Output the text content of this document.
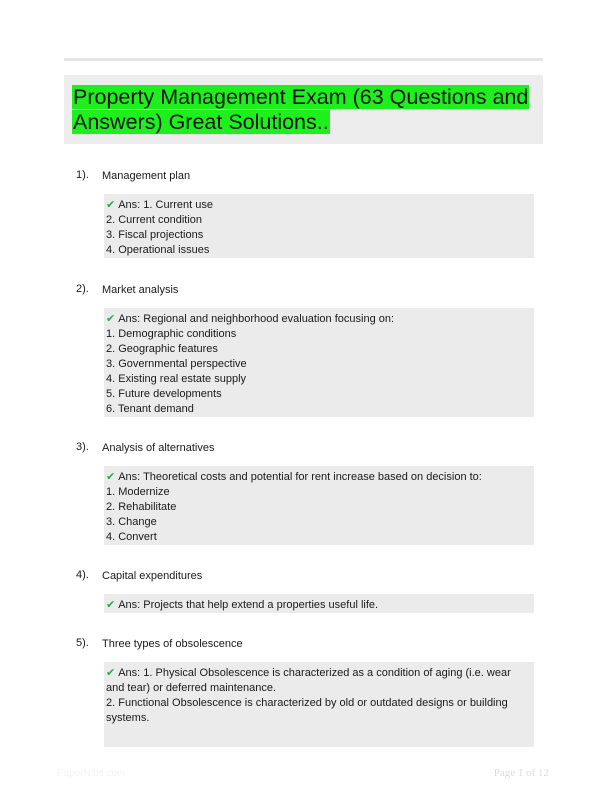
Property Management Exam (63 Questions and Answers) Great Solutions..
1). Management plan
✔ Ans: 1. Current use
2. Current condition
3. Fiscal projections
4. Operational issues
2). Market analysis
✔ Ans: Regional and neighborhood evaluation focusing on:
1. Demographic conditions
2. Geographic features
3. Governmental perspective
4. Existing real estate supply
5. Future developments
6. Tenant demand
3). Analysis of alternatives
✔ Ans: Theoretical costs and potential for rent increase based on decision to:
1. Modernize
2. Rehabilitate
3. Change
4. Convert
4). Capital expenditures
✔ Ans: Projects that help extend a properties useful life.
5). Three types of obsolescence
✔ Ans: 1. Physical Obsolescence is characterized as a condition of aging (i.e. wear and tear) or deferred maintenance.
2. Functional Obsolescence is characterized by old or outdated designs or building systems.
PaperNibs.com	Page 1 of 12
